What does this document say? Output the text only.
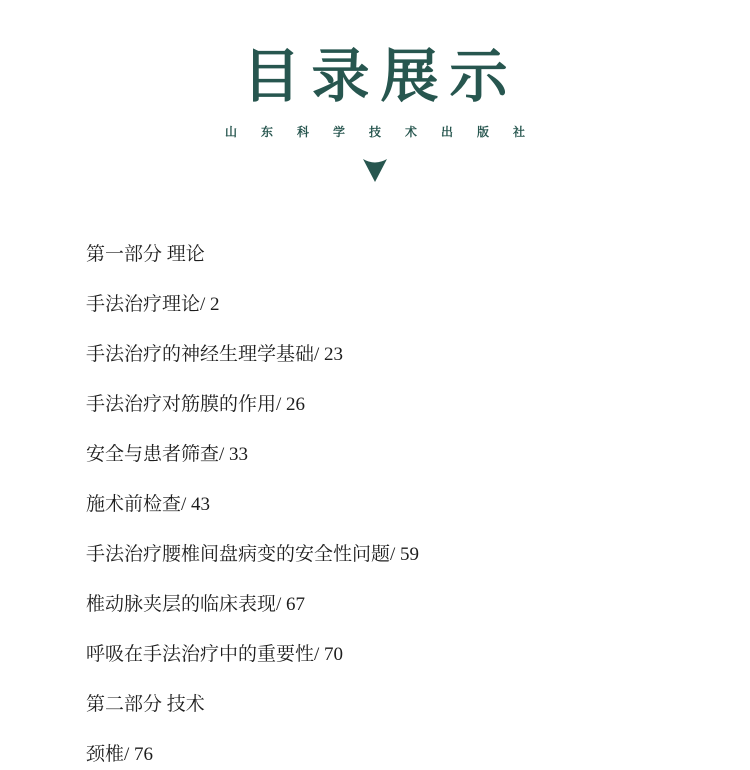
目录展示
山东科学技术出版社
第一部分 理论
手法治疗理论/ 2
手法治疗的神经生理学基础/ 23
手法治疗对筋膜的作用/ 26
安全与患者筛查/ 33
施术前检查/ 43
手法治疗腰椎间盘病变的安全性问题/ 59
椎动脉夹层的临床表现/ 67
呼吸在手法治疗中的重要性/ 70
第二部分 技术
颈椎/ 76
